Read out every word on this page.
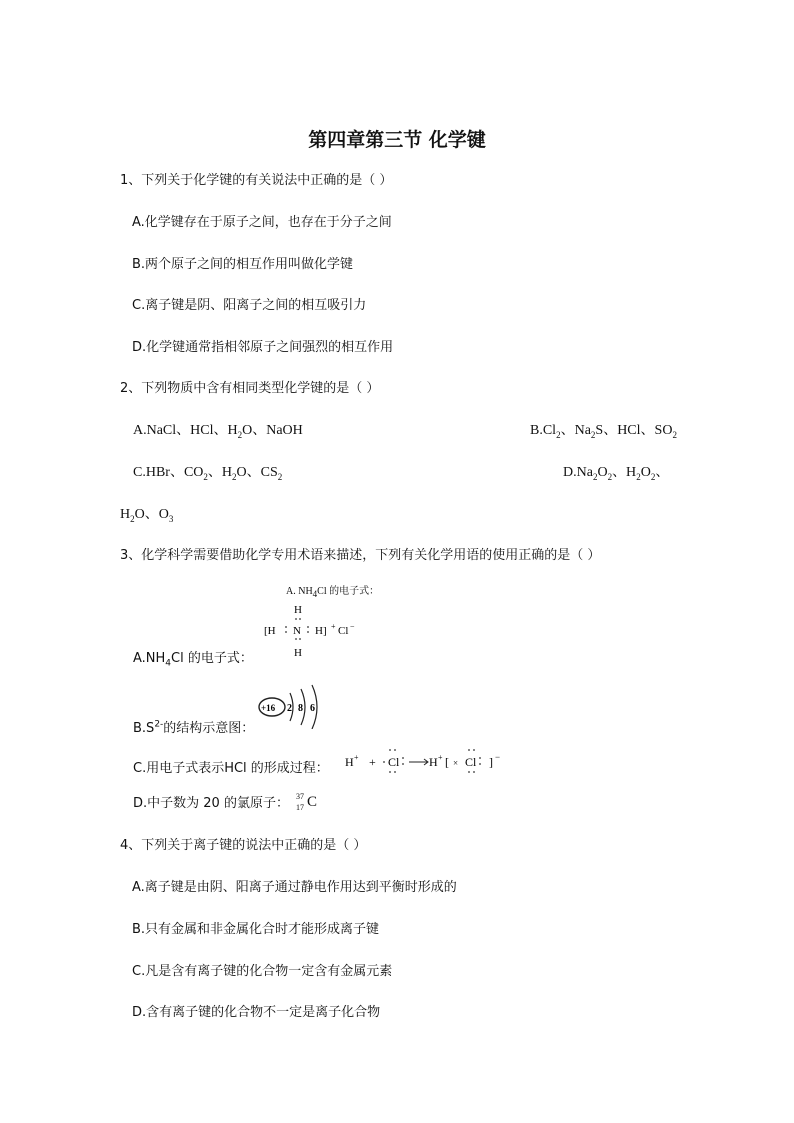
第四章第三节 化学键
1、下列关于化学键的有关说法中正确的是（ ）
A.化学键存在于原子之间，也存在于分子之间
B.两个原子之间的相互作用叫做化学键
C.离子键是阴、阳离子之间的相互吸引力
D.化学键通常指相邻原子之间强烈的相互作用
2、下列物质中含有相同类型化学键的是（ ）
A.NaCl、HCl、$H_2O$、NaOH	$B.Cl_2$、$Na_2S$、HCl、$SO_2$
C.HBr、$CO_2$、$H_2O$、$CS_2$	$D.Na_2O_2$、$H_2O_2$、
$H_2O$、$O_3$
3、化学科学需要借助化学专用术语来描述，下列有关化学用语的使用正确的是（ ）
A. $NH_4Cl$ 的电子式：
H
[H N H] + Cl −
H
$A.NH_4Cl$ 的电子式：
+16 2 8 6
$B.S^{2-}$的结构示意图：
C.用电子式表示HCl 的形成过程： H + + Cl H + [ × Cl ] −
D.中子数为 20 的氯原子： 37
17 C
4、下列关于离子键的说法中正确的是（ ）
A.离子键是由阴、阳离子通过静电作用达到平衡时形成的
B.只有金属和非金属化合时才能形成离子键
C.凡是含有离子键的化合物一定含有金属元素
D.含有离子键的化合物不一定是离子化合物
